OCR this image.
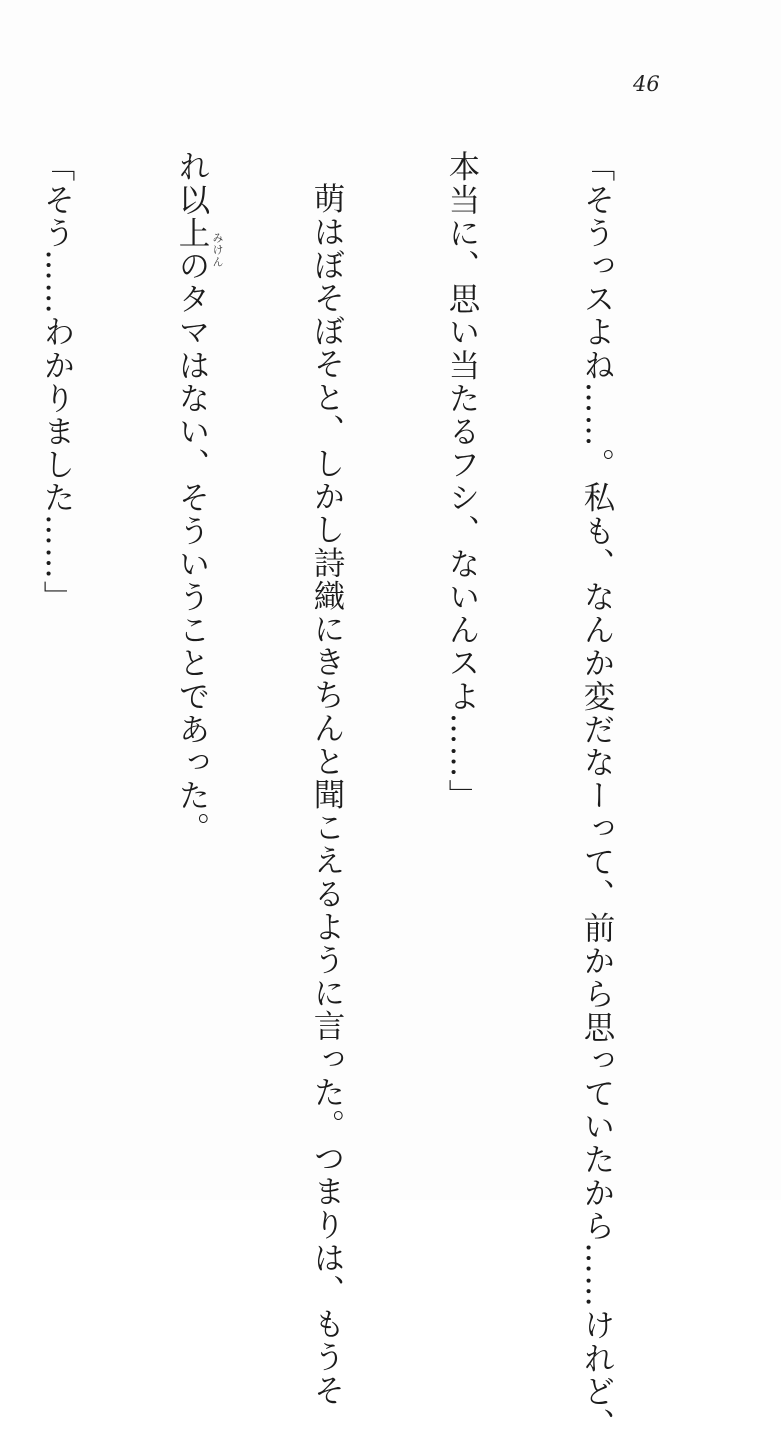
46

「そうっスよね……。私も、なんか変だなーって、前から思っていたから……けれど、

本当に、思い当たるフシ、ないんスよ……」

萌はぼそぼそと、しかし詩織にきちんと聞こえるように言った。つまりは、もうそ

れ以上のタマはない、そういうことであった。

「そう……わかりました……」

	みけん
